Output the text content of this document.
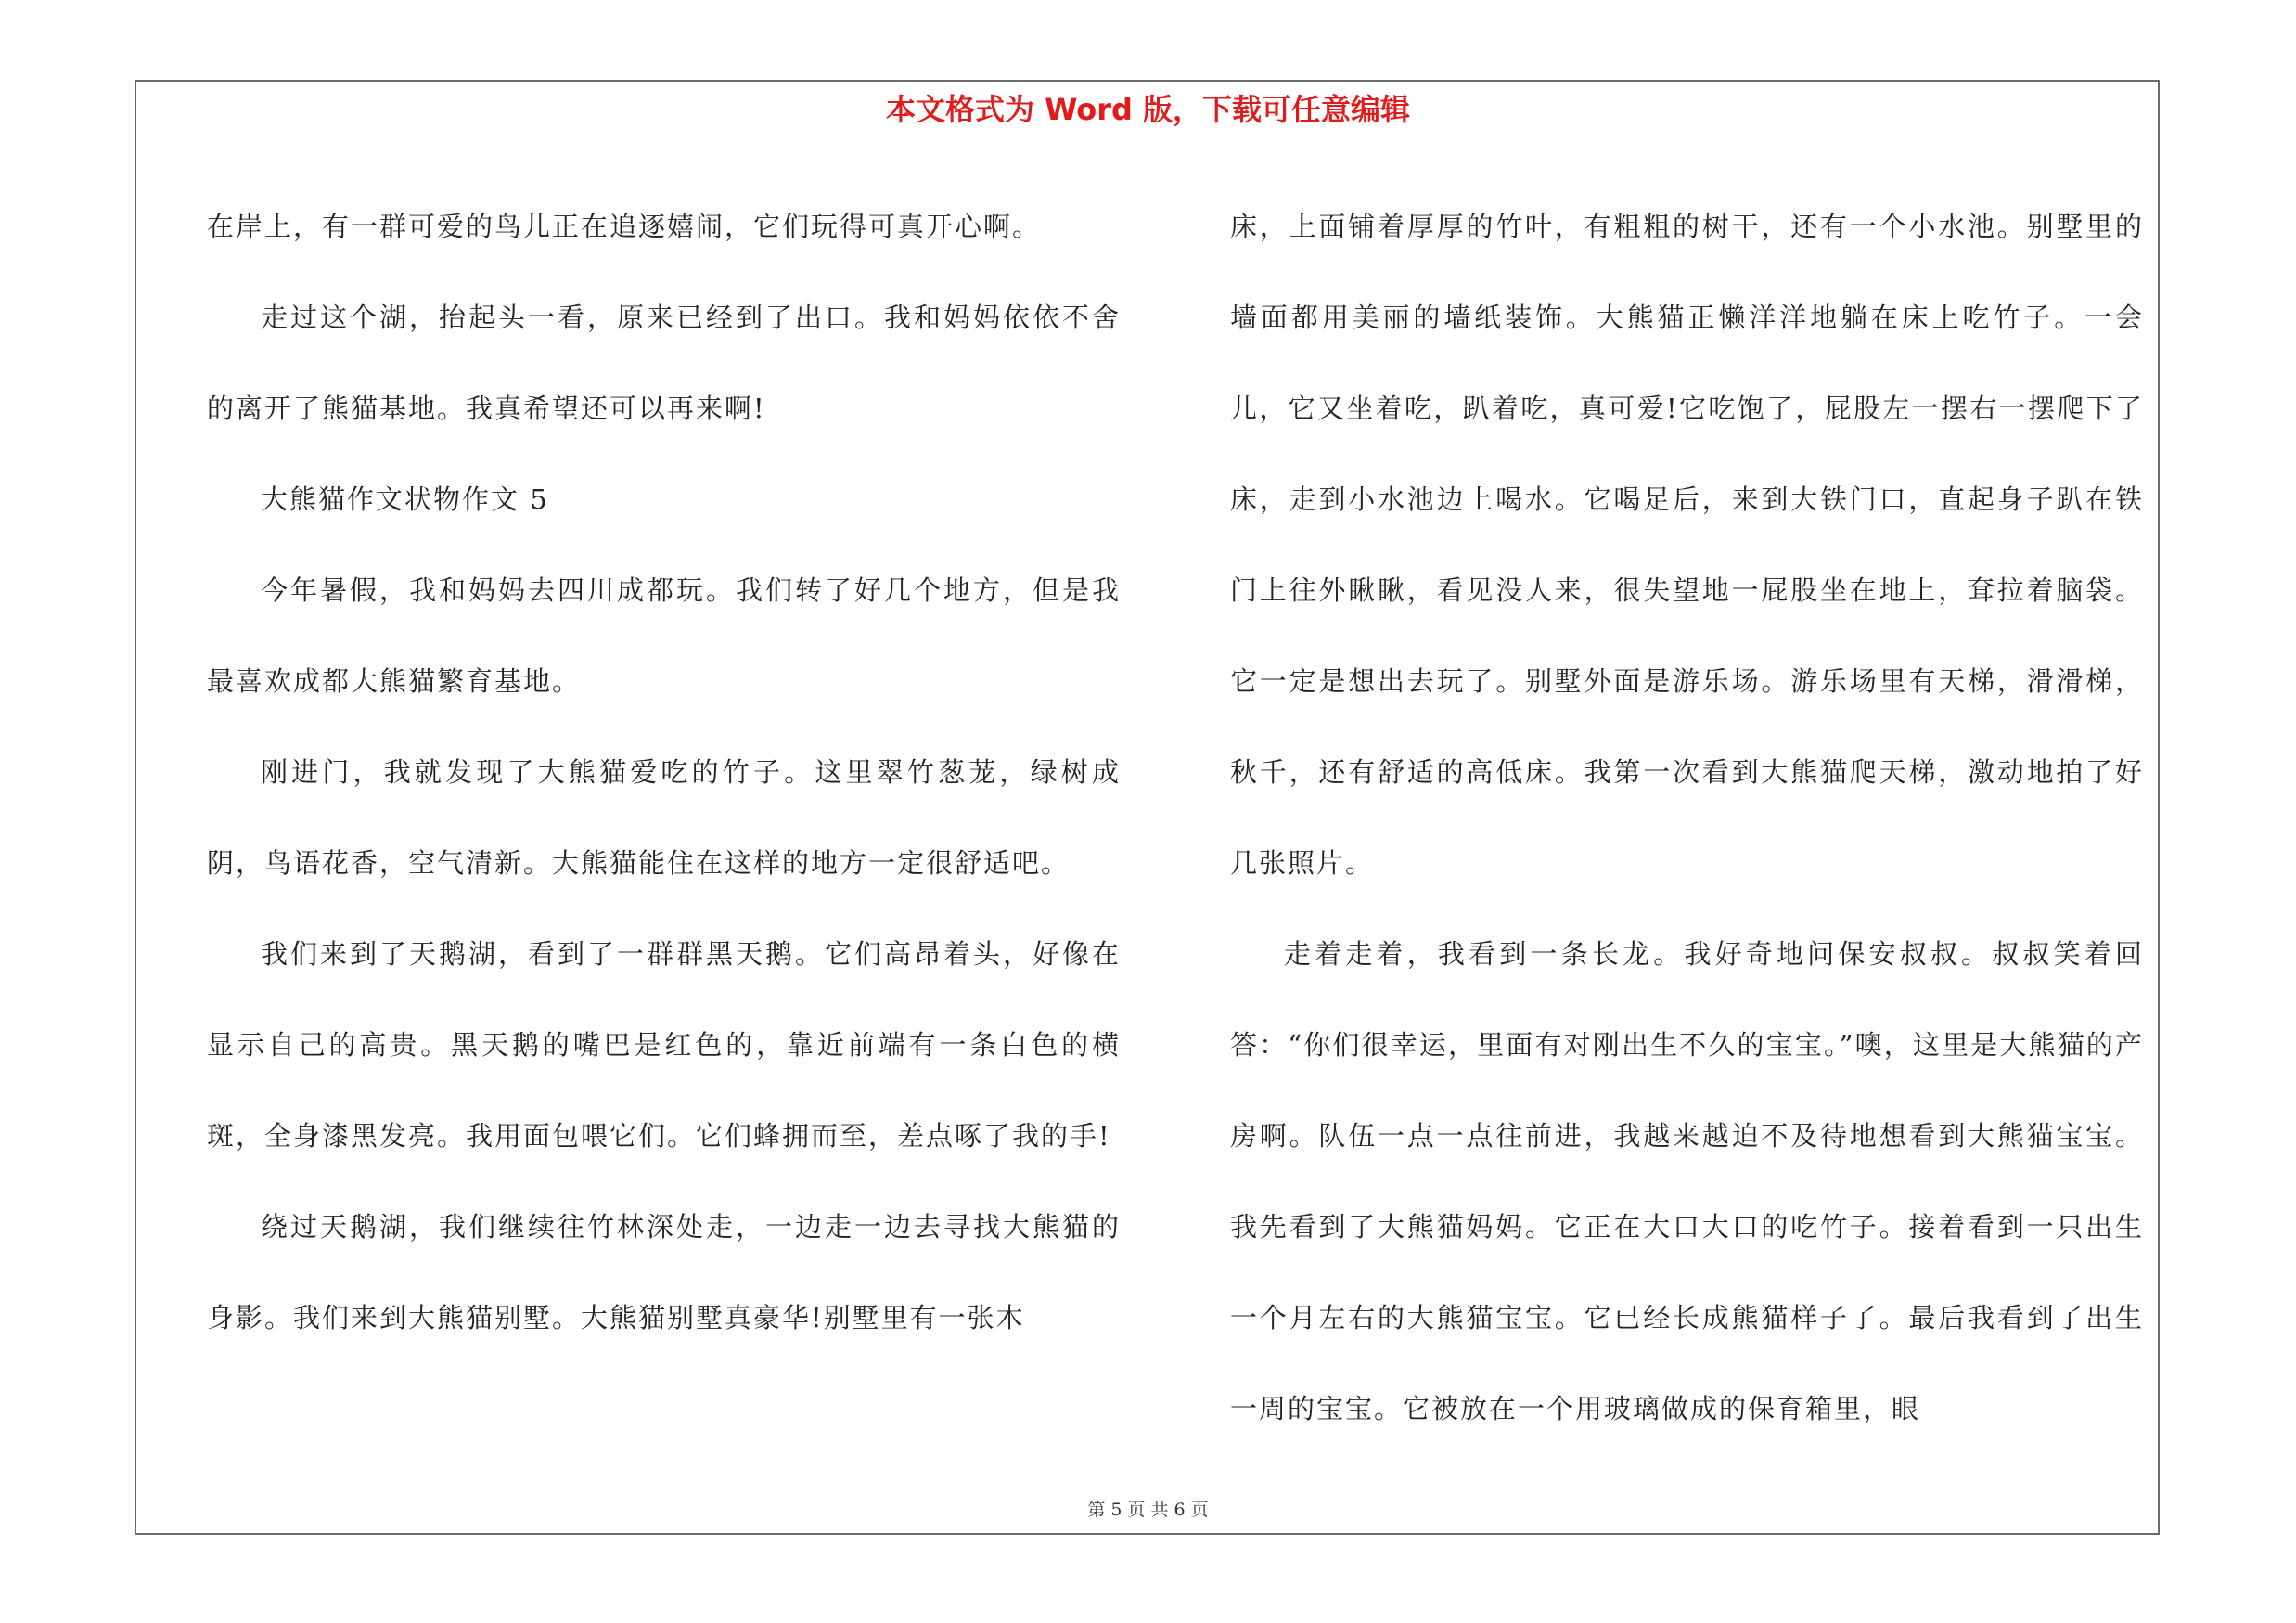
本文格式为 Word 版，下载可任意编辑

在岸上，有一群可爱的鸟儿正在追逐嬉闹，它们玩得可真开心啊。

走过这个湖，抬起头一看，原来已经到了出口。我和妈妈依依不舍的离开了熊猫基地。我真希望还可以再来啊!

大熊猫作文状物作文 5

今年暑假，我和妈妈去四川成都玩。我们转了好几个地方，但是我最喜欢成都大熊猫繁育基地。

刚进门，我就发现了大熊猫爱吃的竹子。这里翠竹葱茏，绿树成阴，鸟语花香，空气清新。大熊猫能住在这样的地方一定很舒适吧。

我们来到了天鹅湖，看到了一群群黑天鹅。它们高昂着头，好像在显示自己的高贵。黑天鹅的嘴巴是红色的，靠近前端有一条白色的横斑，全身漆黑发亮。我用面包喂它们。它们蜂拥而至，差点啄了我的手!

绕过天鹅湖，我们继续往竹林深处走，一边走一边去寻找大熊猫的身影。我们来到大熊猫别墅。大熊猫别墅真豪华!别墅里有一张木

床，上面铺着厚厚的竹叶，有粗粗的树干，还有一个小水池。别墅里的墙面都用美丽的墙纸装饰。大熊猫正懒洋洋地躺在床上吃竹子。一会儿，它又坐着吃，趴着吃，真可爱!它吃饱了，屁股左一摆右一摆爬下了床，走到小水池边上喝水。它喝足后，来到大铁门口，直起身子趴在铁门上往外瞅瞅，看见没人来，很失望地一屁股坐在地上，耷拉着脑袋。它一定是想出去玩了。别墅外面是游乐场。游乐场里有天梯，滑滑梯，秋千，还有舒适的高低床。我第一次看到大熊猫爬天梯，激动地拍了好几张照片。

走着走着，我看到一条长龙。我好奇地问保安叔叔。叔叔笑着回答：“你们很幸运，里面有对刚出生不久的宝宝。”噢，这里是大熊猫的产房啊。队伍一点一点往前进，我越来越迫不及待地想看到大熊猫宝宝。我先看到了大熊猫妈妈。它正在大口大口的吃竹子。接着看到一只出生一个月左右的大熊猫宝宝。它已经长成熊猫样子了。最后我看到了出生一周的宝宝。它被放在一个用玻璃做成的保育箱里，眼

第 5 页 共 6 页
